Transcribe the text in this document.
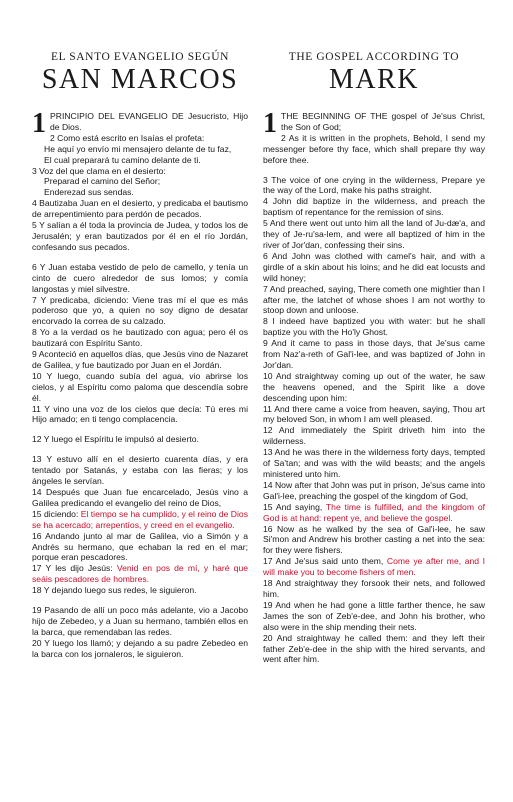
EL SANTO EVANGELIO SEGÚN
SAN MARCOS
1 PRINCIPIO DEL EVANGELIO DE Jesucristo, Hijo de Dios.

2 Como está escrito en Isaías el profeta:

He aquí yo envío mi mensajero delante de tu faz,

El cual preparará tu camino delante de ti.

3 Voz del que clama en el desierto:

Preparad el camino del Señor;

Enderezad sus sendas.

4 Bautizaba Juan en el desierto, y predicaba el bautismo de arrepentimiento para perdón de pecados.

5 Y salían a él toda la provincia de Judea, y todos los de Jerusalén; y eran bautizados por él en el río Jordán, confesando sus pecados.

6 Y Juan estaba vestido de pelo de camello, y tenía un cinto de cuero alrededor de sus lomos; y comía langostas y miel silvestre.

7 Y predicaba, diciendo: Viene tras mí el que es más poderoso que yo, a quien no soy digno de desatar encorvado la correa de su calzado.

8 Yo a la verdad os he bautizado con agua; pero él os bautizará con Espíritu Santo.

9 Aconteció en aquellos días, que Jesús vino de Nazaret de Galilea, y fue bautizado por Juan en el Jordán.

10 Y luego, cuando subía del agua, vio abrirse los cielos, y al Espíritu como paloma que descendía sobre él.

11 Y vino una voz de los cielos que decía: Tú eres mi Hijo amado; en ti tengo complacencia.

12 Y luego el Espíritu le impulsó al desierto.

13 Y estuvo allí en el desierto cuarenta días, y era tentado por Satanás, y estaba con las fieras; y los ángeles le servían.

14 Después que Juan fue encarcelado, Jesús vino a Galilea predicando el evangelio del reino de Dios,

15 diciendo: El tiempo se ha cumplido, y el reino de Dios se ha acercado; arrepentíos, y creed en el evangelio.

16 Andando junto al mar de Galilea, vio a Simón y a Andrés su hermano, que echaban la red en el mar; porque eran pescadores.

17 Y les dijo Jesús: Venid en pos de mí, y haré que seáis pescadores de hombres.

18 Y dejando luego sus redes, le siguieron.

19 Pasando de allí un poco más adelante, vio a Jacobo hijo de Zebedeo, y a Juan su hermano, también ellos en la barca, que remendaban las redes.

20 Y luego los llamó; y dejando a su padre Zebedeo en la barca con los jornaleros, le siguieron.

THE GOSPEL ACCORDING TO
MARK
1 THE BEGINNING OF THE gospel of Je'sus Christ, the Son of God;

2 As it is written in the prophets, Behold, I send my messenger before thy face, which shall prepare thy way before thee.

3 The voice of one crying in the wilderness, Prepare ye the way of the Lord, make his paths straight.

4 John did baptize in the wilderness, and preach the baptism of repentance for the remission of sins.

5 And there went out unto him all the land of Ju-dæ'a, and they of Je-ru'sa-lem, and were all baptized of him in the river of Jor'dan, confessing their sins.

6 And John was clothed with camel's hair, and with a girdle of a skin about his loins; and he did eat locusts and wild honey;

7 And preached, saying, There cometh one mightier than I after me, the latchet of whose shoes I am not worthy to stoop down and unloose.

8 I indeed have baptized you with water: but he shall baptize you with the Ho'ly Ghost.

9 And it came to pass in those days, that Je'sus came from Naz'a-reth of Gal'i-lee, and was baptized of John in Jor'dan.

10 And straightway coming up out of the water, he saw the heavens opened, and the Spirit like a dove descending upon him:

11 And there came a voice from heaven, saying, Thou art my beloved Son, in whom I am well pleased.

12 And immediately the Spirit driveth him into the wilderness.

13 And he was there in the wilderness forty days, tempted of Sa'tan; and was with the wild beasts; and the angels ministered unto him.

14 Now after that John was put in prison, Je'sus came into Gal'i-lee, preaching the gospel of the kingdom of God,

15 And saying, The time is fulfilled, and the kingdom of God is at hand: repent ye, and believe the gospel.

16 Now as he walked by the sea of Gal'i-lee, he saw Si'mon and Andrew his brother casting a net into the sea: for they were fishers.

17 And Je'sus said unto them, Come ye after me, and I will make you to become fishers of men.

18 And straightway they forsook their nets, and followed him.

19 And when he had gone a little farther thence, he saw James the son of Zeb'e-dee, and John his brother, who also were in the ship mending their nets.

20 And straightway he called them: and they left their father Zeb'e-dee in the ship with the hired servants, and went after him.
